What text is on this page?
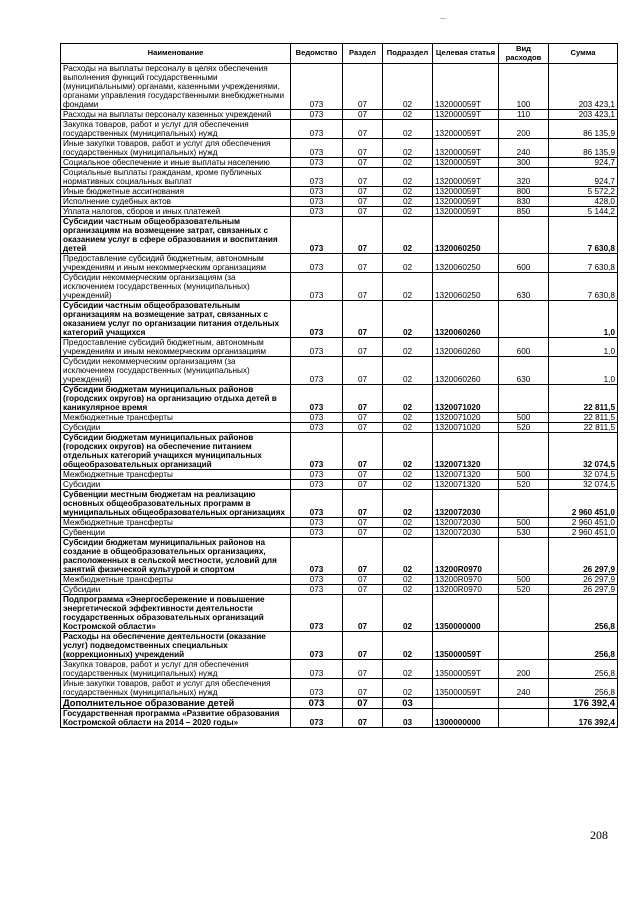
Наименование	Ведомство	Раздел	Подраздел	Целевая статья	Вид расходов	Сумма
Расходы на выплаты персоналу в целях обеспечения выполнения функций государственными (муниципальными) органами, казенными учреждениями, органами управления государственными внебюджетными фондами	073	07	02	132000059Т	100	203 423,1
Расходы на выплаты персоналу казенных учреждений	073	07	02	132000059Т	110	203 423,1
Закупка товаров, работ и услуг для обеспечения государственных (муниципальных) нужд	073	07	02	132000059Т	200	86 135,9
Иные закупки товаров, работ и услуг для обеспечения государственных (муниципальных) нужд	073	07	02	132000059Т	240	86 135,9
Социальное обеспечение и иные выплаты населению	073	07	02	132000059Т	300	924,7
Социальные выплаты гражданам, кроме публичных нормативных социальных выплат	073	07	02	132000059Т	320	924,7
Иные бюджетные ассигнования	073	07	02	132000059Т	800	5 572,2
Исполнение судебных актов	073	07	02	132000059Т	830	428,0
Уплата налогов, сборов и иных платежей	073	07	02	132000059Т	850	5 144,2
Субсидии частным общеобразовательным организациям на возмещение затрат, связанных с оказанием услуг в сфере образования и воспитания детей	073	07	02	1320060250		7 630,8
Предоставление субсидий бюджетным, автономным учреждениям и иным некоммерческим организациям	073	07	02	1320060250	600	7 630,8
Субсидии некоммерческим организациям (за исключением государственных (муниципальных) учреждений)	073	07	02	1320060250	630	7 630,8
Субсидии частным общеобразовательным организациям на возмещение затрат, связанных с оказанием услуг по организации питания отдельных категорий учащихся	073	07	02	1320060260		1,0
Предоставление субсидий бюджетным, автономным учреждениям и иным некоммерческим организациям	073	07	02	1320060260	600	1,0
Субсидии некоммерческим организациям (за исключением государственных (муниципальных) учреждений)	073	07	02	1320060260	630	1,0
Субсидии бюджетам муниципальных районов (городских округов) на организацию отдыха детей в каникулярное время	073	07	02	1320071020		22 811,5
Межбюджетные трансферты	073	07	02	1320071020	500	22 811,5
Субсидии	073	07	02	1320071020	520	22 811,5
Субсидии бюджетам муниципальных районов (городских округов) на обеспечение питанием отдельных категорий учащихся муниципальных общеобразовательных организаций	073	07	02	1320071320		32 074,5
Межбюджетные трансферты	073	07	02	1320071320	500	32 074,5
Субсидии	073	07	02	1320071320	520	32 074,5
Субвенции местным бюджетам на реализацию основных общеобразовательных программ в муниципальных общеобразовательных организациях	073	07	02	1320072030		2 960 451,0
Межбюджетные трансферты	073	07	02	1320072030	500	2 960 451,0
Субвенции	073	07	02	1320072030	530	2 960 451,0
Субсидии бюджетам муниципальных районов на создание в общеобразовательных организациях, расположенных в сельской местности, условий для занятий физической культурой и спортом	073	07	02	13200R0970		26 297,9
Межбюджетные трансферты	073	07	02	13200R0970	500	26 297,9
Субсидии	073	07	02	13200R0970	520	26 297,9
Подпрограмма «Энергосбережение и повышение энергетической эффективности деятельности государственных образовательных организаций Костромской области»	073	07	02	1350000000		256,8
Расходы на обеспечение деятельности (оказание услуг) подведомственных специальных (коррекционных) учреждений	073	07	02	135000059Т		256,8
Закупка товаров, работ и услуг для обеспечения государственных (муниципальных) нужд	073	07	02	135000059Т	200	256,8
Иные закупки товаров, работ и услуг для обеспечения государственных (муниципальных) нужд	073	07	02	135000059Т	240	256,8
Дополнительное образование детей	073	07	03			176 392,4
Государственная программа «Развитие образования Костромской области на 2014 – 2020 годы»	073	07	03	1300000000		176 392,4
208
